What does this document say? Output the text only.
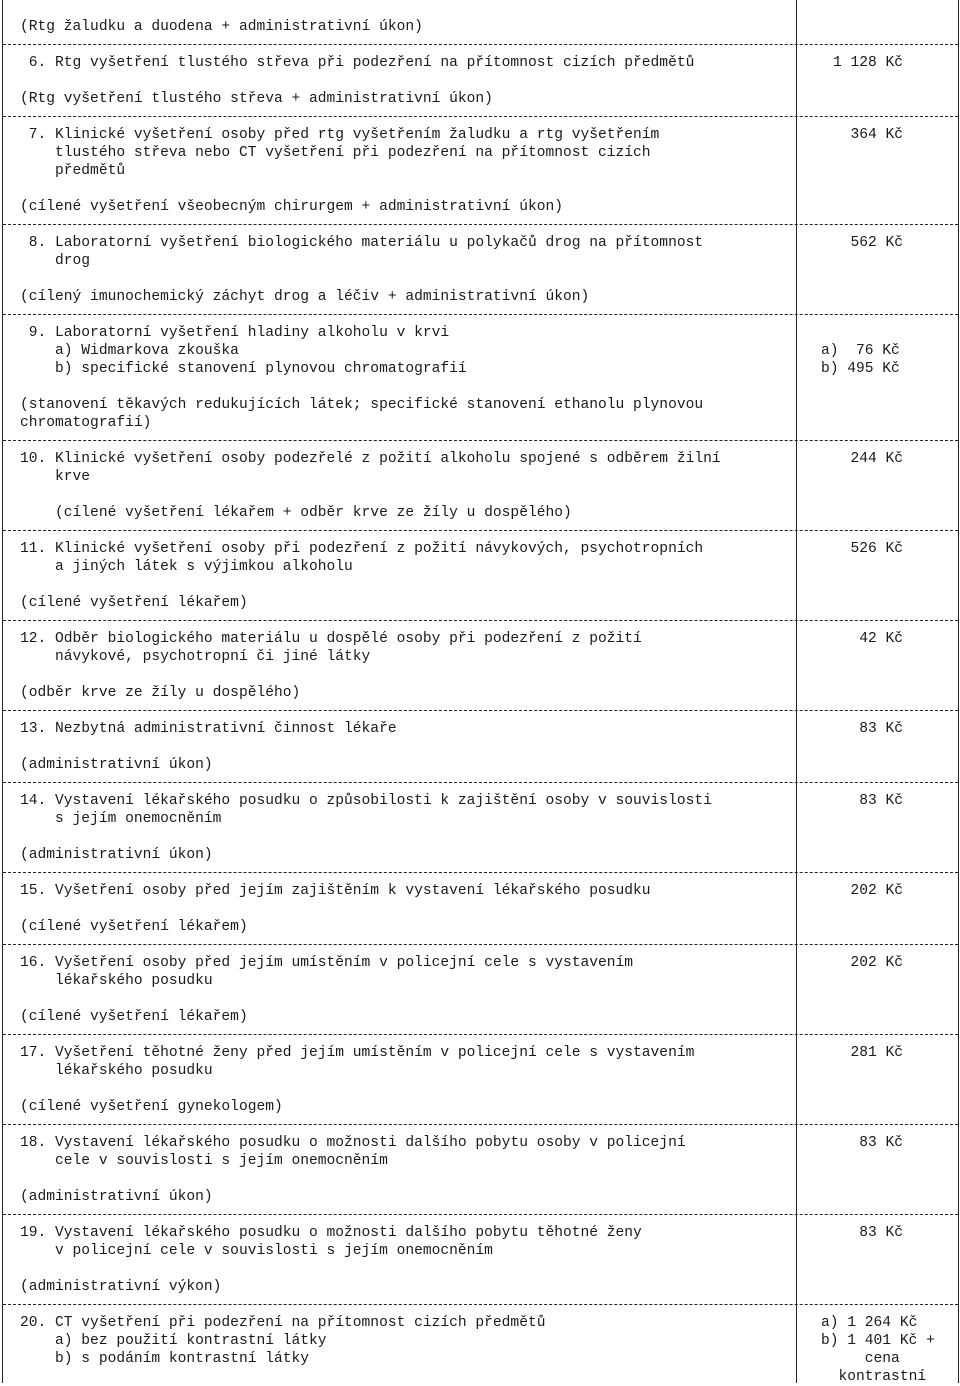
(Rtg žaludku a duodena + administrativní úkon)
6. Rtg vyšetření tlustého střeva při podezření na přítomnost cizích předmětů
(Rtg vyšetření tlustého střeva + administrativní úkon)
1 128 Kč
7. Klinické vyšetření osoby před rtg vyšetřením žaludku a rtg vyšetřením
tlustého střeva nebo CT vyšetření při podezření na přítomnost cizích
předmětů
(cílené vyšetření všeobecným chirurgem + administrativní úkon)
364 Kč
8. Laboratorní vyšetření biologického materiálu u polykačů drog na přítomnost
drog
(cílený imunochemický záchyt drog a léčiv + administrativní úkon)
562 Kč
9. Laboratorní vyšetření hladiny alkoholu v krvi
a) Widmarkova zkouška
b) specifické stanovení plynovou chromatografií
(stanovení těkavých redukujících látek; specifické stanovení ethanolu plynovou
chromatografií)
a)  76 Kč
b) 495 Kč
10. Klinické vyšetření osoby podezřelé z požití alkoholu spojené s odběrem žilní
krve
(cílené vyšetření lékařem + odběr krve ze žíly u dospělého)
244 Kč
11. Klinické vyšetření osoby při podezření z požití návykových, psychotropních
a jiných látek s výjimkou alkoholu
(cílené vyšetření lékařem)
526 Kč
12. Odběr biologického materiálu u dospělé osoby při podezření z požití
návykové, psychotropní či jiné látky
(odběr krve ze žíly u dospělého)
42 Kč
13. Nezbytná administrativní činnost lékaře
(administrativní úkon)
83 Kč
14. Vystavení lékařského posudku o způsobilosti k zajištění osoby v souvislosti
s jejím onemocněním
(administrativní úkon)
83 Kč
15. Vyšetření osoby před jejím zajištěním k vystavení lékařského posudku
(cílené vyšetření lékařem)
202 Kč
16. Vyšetření osoby před jejím umístěním v policejní cele s vystavením
lékařského posudku
(cílené vyšetření lékařem)
202 Kč
17. Vyšetření těhotné ženy před jejím umístěním v policejní cele s vystavením
lékařského posudku
(cílené vyšetření gynekologem)
281 Kč
18. Vystavení lékařského posudku o možnosti dalšího pobytu osoby v policejní
cele v souvislosti s jejím onemocněním
(administrativní úkon)
83 Kč
19. Vystavení lékařského posudku o možnosti dalšího pobytu těhotné ženy
v policejní cele v souvislosti s jejím onemocněním
(administrativní výkon)
83 Kč
20. CT vyšetření při podezření na přítomnost cizích předmětů
a) bez použití kontrastní látky
b) s podáním kontrastní látky
a) 1 264 Kč
b) 1 401 Kč +
cena
kontrastní
